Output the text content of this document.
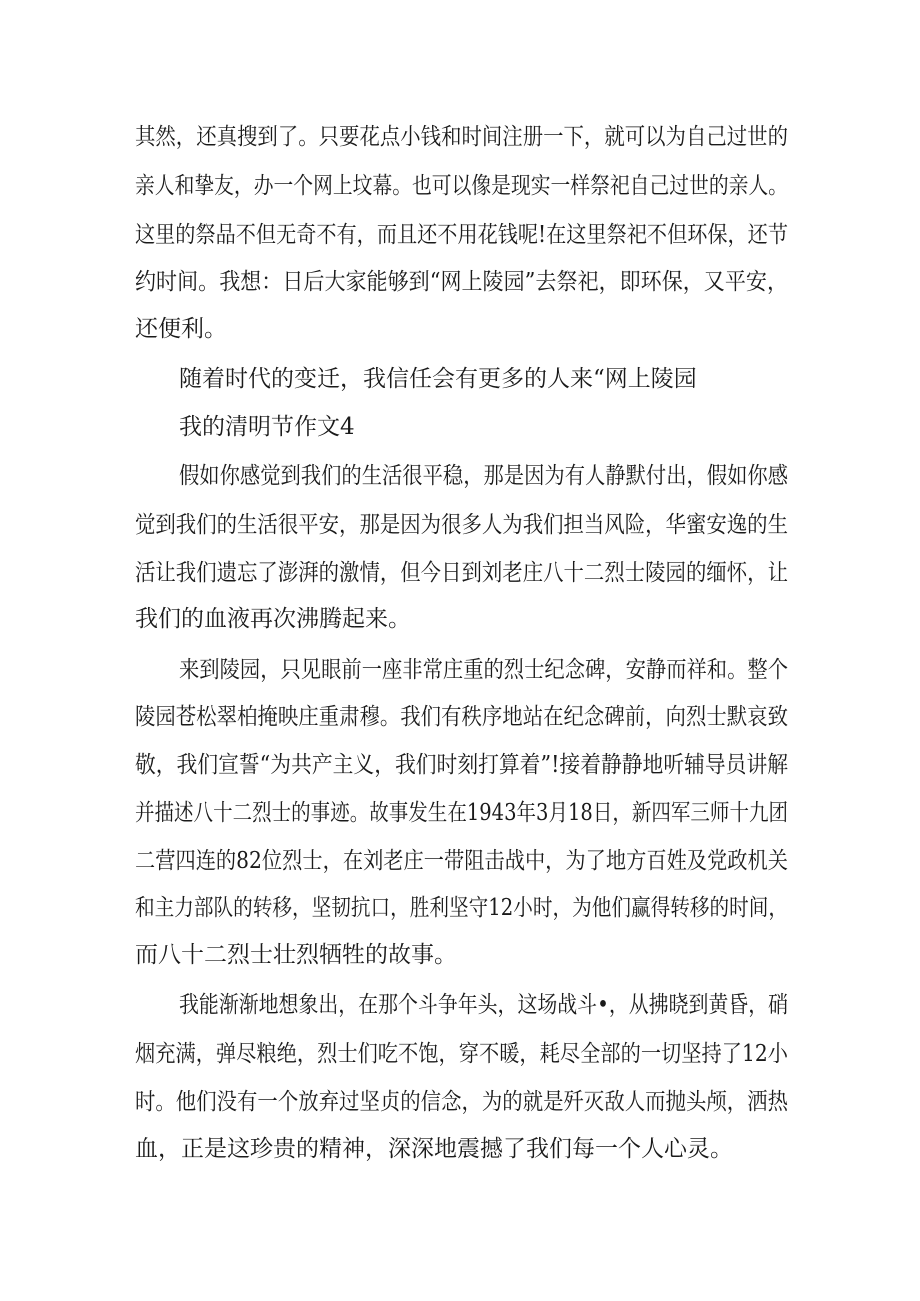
其然，还真搜到了。只要花点小钱和时间注册一下，就可以为自己过世的
亲人和挚友，办一个网上坟幕。也可以像是现实一样祭祀自己过世的亲人。
这里的祭品不但无奇不有，而且还不用花钱呢!在这里祭祀不但环保，还节
约时间。我想：日后大家能够到“网上陵园”去祭祀，即环保，又平安，
还便利。
随着时代的变迁，我信任会有更多的人来“网上陵园
我的清明节作文4
假如你感觉到我们的生活很平稳，那是因为有人静默付出，假如你感
觉到我们的生活很平安，那是因为很多人为我们担当风险，华蜜安逸的生
活让我们遗忘了澎湃的激情，但今日到刘老庄八十二烈士陵园的缅怀，让
我们的血液再次沸腾起来。
来到陵园，只见眼前一座非常庄重的烈士纪念碑，安静而祥和。整个
陵园苍松翠柏掩映庄重肃穆。我们有秩序地站在纪念碑前，向烈士默哀致
敬，我们宣誓“为共产主义，我们时刻打算着”!接着静静地听辅导员讲解
并描述八十二烈士的事迹。故事发生在1943年3月18日，新四军三师十九团
二营四连的82位烈士，在刘老庄一带阻击战中，为了地方百姓及党政机关
和主力部队的转移，坚韧抗口，胜利坚守12小时，为他们赢得转移的时间，
而八十二烈士壮烈牺牲的故事。
我能渐渐地想象出，在那个斗争年头，这场战斗•，从拂晓到黄昏，硝
烟充满，弹尽粮绝，烈士们吃不饱，穿不暖，耗尽全部的一切坚持了12小
时。他们没有一个放弃过坚贞的信念，为的就是歼灭敌人而抛头颅，洒热
血，正是这珍贵的精神，深深地震撼了我们每一个人心灵。
